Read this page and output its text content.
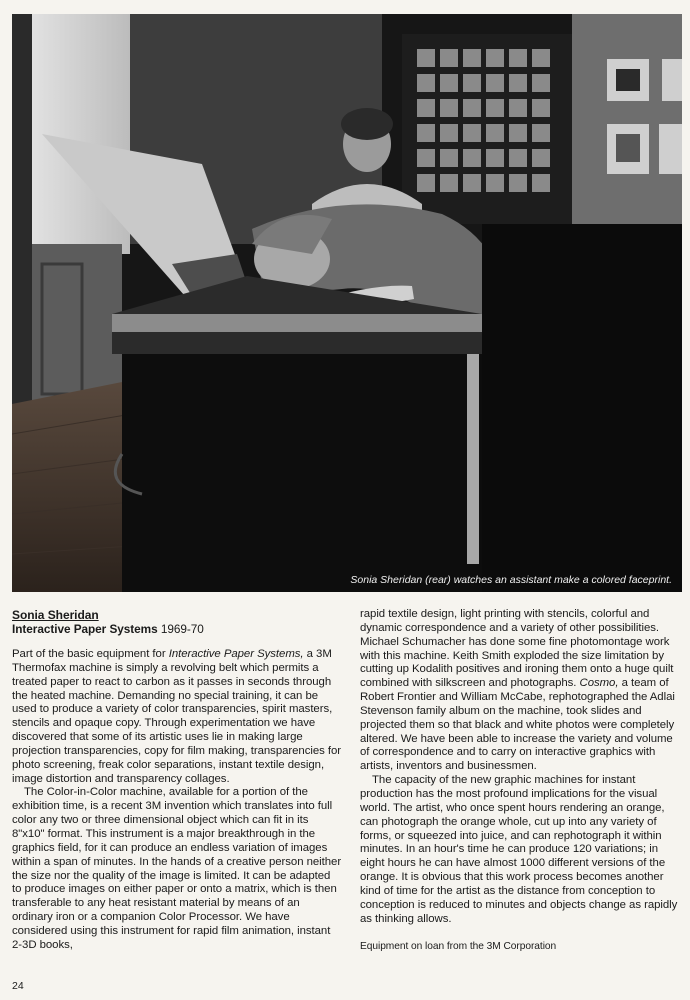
Sonia Sheridan (rear) watches an assistant make a colored faceprint.
Sonia Sheridan
Interactive Paper Systems 1969-70

Part of the basic equipment for Interactive Paper Systems, a 3M Thermofax machine is simply a revolving belt which permits a treated paper to react to carbon as it passes in seconds through the heated machine. Demanding no special training, it can be used to produce a variety of color transparencies, spirit masters, stencils and opaque copy. Through experimentation we have discovered that some of its artistic uses lie in making large projection transparencies, copy for film making, transparencies for photo screening, freak color separations, instant textile design, image distortion and transparency collages.

The Color-in-Color machine, available for a portion of the exhibition time, is a recent 3M invention which translates into full color any two or three dimensional object which can fit in its 8"x10" format. This instrument is a major breakthrough in the graphics field, for it can produce an endless variation of images within a span of minutes. In the hands of a creative person neither the size nor the quality of the image is limited. It can be adapted to produce images on either paper or onto a matrix, which is then transferable to any heat resistant material by means of an ordinary iron or a companion Color Processor. We have considered using this instrument for rapid film animation, instant 2-3D books,

rapid textile design, light printing with stencils, colorful and dynamic correspondence and a variety of other possibilities. Michael Schumacher has done some fine photomontage work with this machine. Keith Smith exploded the size limitation by cutting up Kodalith positives and ironing them onto a huge quilt combined with silkscreen and photographs. Cosmo, a team of Robert Frontier and William McCabe, rephotographed the Adlai Stevenson family album on the machine, took slides and projected them so that black and white photos were completely altered. We have been able to increase the variety and volume of correspondence and to carry on interactive graphics with artists, inventors and businessmen.

The capacity of the new graphic machines for instant production has the most profound implications for the visual world. The artist, who once spent hours rendering an orange, can photograph the orange whole, cut up into any variety of forms, or squeezed into juice, and can rephotograph it within minutes. In an hour's time he can produce 120 variations; in eight hours he can have almost 1000 different versions of the orange. It is obvious that this work process becomes another kind of time for the artist as the distance from conception to conception is reduced to minutes and objects change as rapidly as thinking allows.

Equipment on loan from the 3M Corporation

24
